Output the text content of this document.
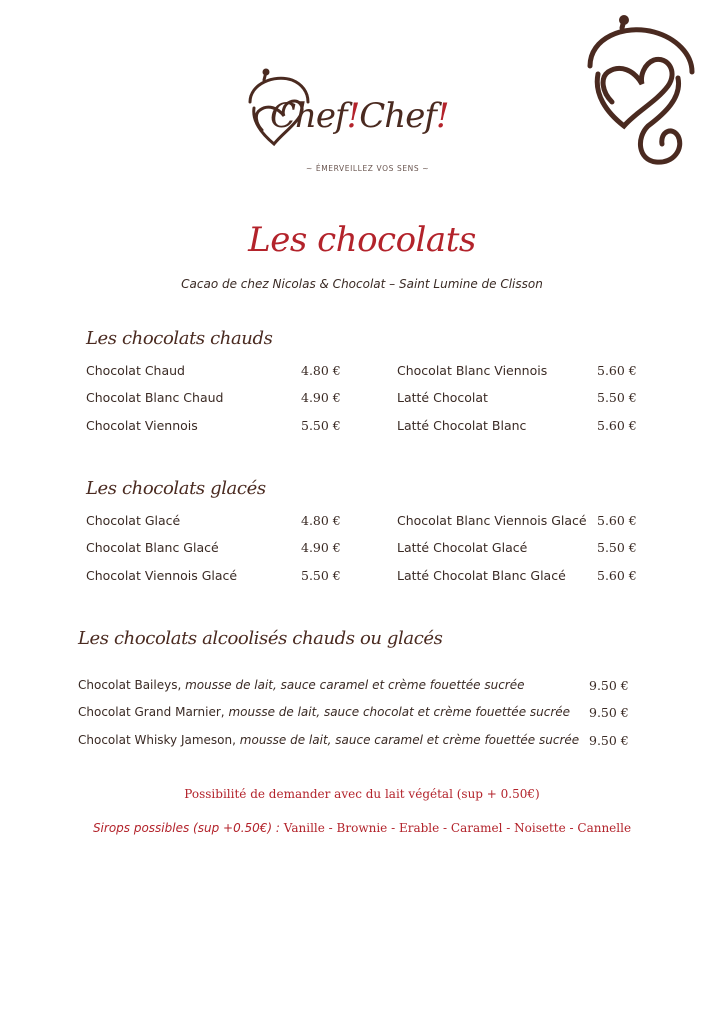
Chef!Chef!
~ ÉMERVEILLEZ VOS SENS ~
Les chocolats
Cacao de chez Nicolas & Chocolat – Saint Lumine de Clisson
Les chocolats chauds
Chocolat Chaud	4.80 €
Chocolat Blanc Chaud	4.90 €
Chocolat Viennois	5.50 €
Chocolat Blanc Viennois	5.60 €
Latté Chocolat	5.50 €
Latté Chocolat Blanc	5.60 €
Les chocolats glacés
Chocolat Glacé	4.80 €
Chocolat Blanc Glacé	4.90 €
Chocolat Viennois Glacé	5.50 €
Chocolat Blanc Viennois Glacé 5.60 €
Latté Chocolat Glacé	5.50 €
Latté Chocolat Blanc Glacé 5.60 €
Les chocolats alcoolisés chauds ou glacés
Chocolat Baileys, mousse de lait, sauce caramel et crème fouettée sucrée	9.50 €
Chocolat Grand Marnier, mousse de lait, sauce chocolat et crème fouettée sucrée 9.50 €
Chocolat Whisky Jameson, mousse de lait, sauce caramel et crème fouettée sucrée 9.50 €
Possibilité de demander avec du lait végétal (sup + 0.50€)
Sirops possibles (sup +0.50€) : Vanille - Brownie - Erable - Caramel - Noisette - Cannelle
